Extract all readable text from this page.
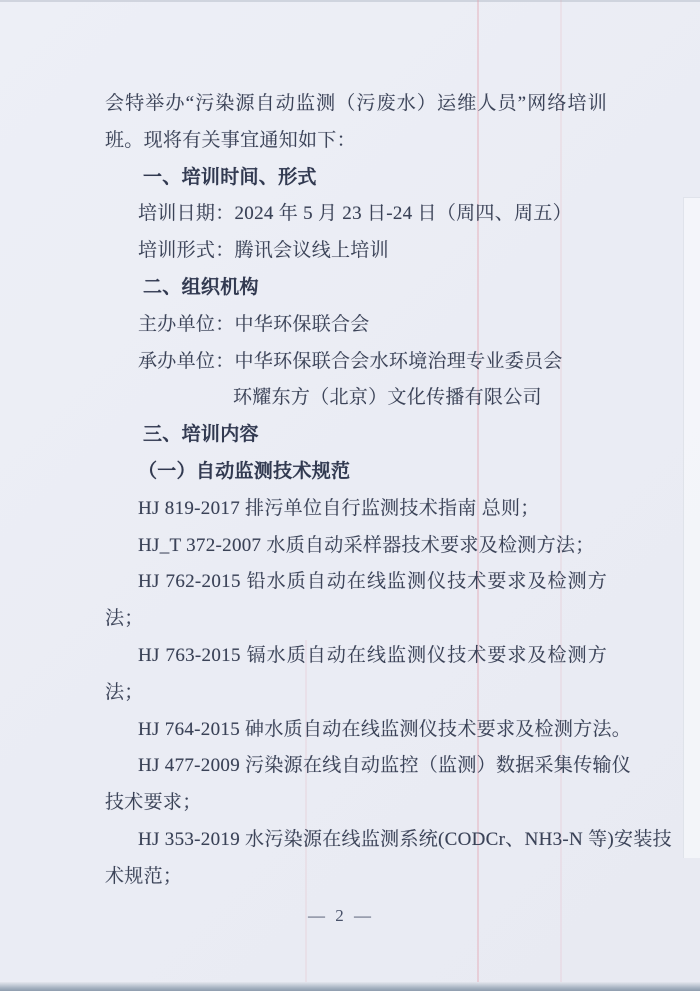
会特举办“污染源自动监测（污废水）运维人员”网络培训
班。现将有关事宜通知如下：
一、培训时间、形式
培训日期：2024 年 5 月 23 日-24 日（周四、周五）
培训形式：腾讯会议线上培训
二、组织机构
主办单位：中华环保联合会
承办单位：中华环保联合会水环境治理专业委员会
环耀东方（北京）文化传播有限公司
三、培训内容
（一）自动监测技术规范
HJ 819-2017 排污单位自行监测技术指南 总则；
HJ_T 372-2007 水质自动采样器技术要求及检测方法；
HJ 762-2015 铅水质自动在线监测仪技术要求及检测方
法；
HJ 763-2015 镉水质自动在线监测仪技术要求及检测方
法；
HJ 764-2015 砷水质自动在线监测仪技术要求及检测方法。
HJ 477-2009 污染源在线自动监控（监测）数据采集传输仪
技术要求；
HJ 353-2019 水污染源在线监测系统(CODCr、NH3-N 等)安装技
术规范；
— 2 —
